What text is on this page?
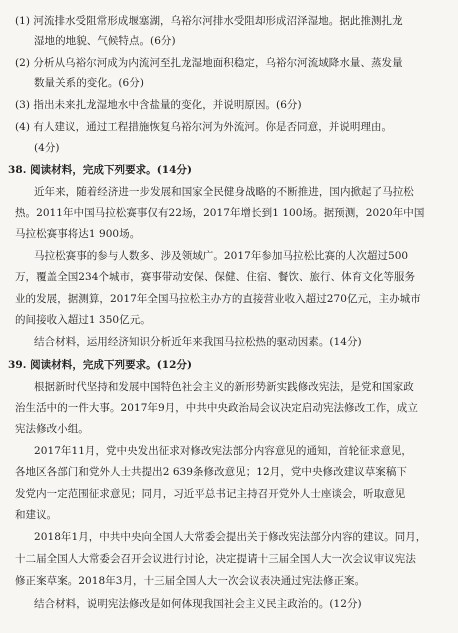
(1) 河流排水受阻常形成堰塞湖，乌裕尔河排水受阻却形成沼泽湿地。据此推测扎龙
湿地的地貌、气候特点。(6分)
(2) 分析从乌裕尔河成为内流河至扎龙湿地面积稳定，乌裕尔河流域降水量、蒸发量
数量关系的变化。(6分)
(3) 指出未来扎龙湿地水中含盐量的变化，并说明原因。(6分)
(4) 有人建议，通过工程措施恢复乌裕尔河为外流河。你是否同意，并说明理由。
(4分)
38. 阅读材料，完成下列要求。(14分)
近年来，随着经济进一步发展和国家全民健身战略的不断推进，国内掀起了马拉松
热。2011年中国马拉松赛事仅有22场，2017年增长到1 100场。据预测，2020年中国
马拉松赛事将达1 900场。
马拉松赛事的参与人数多、涉及领域广。2017年参加马拉松比赛的人次超过500
万，覆盖全国234个城市，赛事带动安保、保健、住宿、餐饮、旅行、体育文化等服务
业的发展，据测算，2017年全国马拉松主办方的直接营业收入超过270亿元，主办城市
的间接收入超过1 350亿元。
结合材料，运用经济知识分析近年来我国马拉松热的驱动因素。(14分)
39. 阅读材料，完成下列要求。(12分)
根据新时代坚持和发展中国特色社会主义的新形势新实践修改宪法，是党和国家政
治生活中的一件大事。2017年9月，中共中央政治局会议决定启动宪法修改工作，成立
宪法修改小组。
2017年11月，党中央发出征求对修改宪法部分内容意见的通知，首轮征求意见，
各地区各部门和党外人士共提出2 639条修改意见；12月，党中央修改建议草案稿下
发党内一定范围征求意见；同月，习近平总书记主持召开党外人士座谈会，听取意见
和建议。
2018年1月，中共中央向全国人大常委会提出关于修改宪法部分内容的建议。同月，
十二届全国人大常委会召开会议进行讨论，决定提请十三届全国人大一次会议审议宪法
修正案草案。2018年3月，十三届全国人大一次会议表决通过宪法修正案。
结合材料，说明宪法修改是如何体现我国社会主义民主政治的。(12分)
